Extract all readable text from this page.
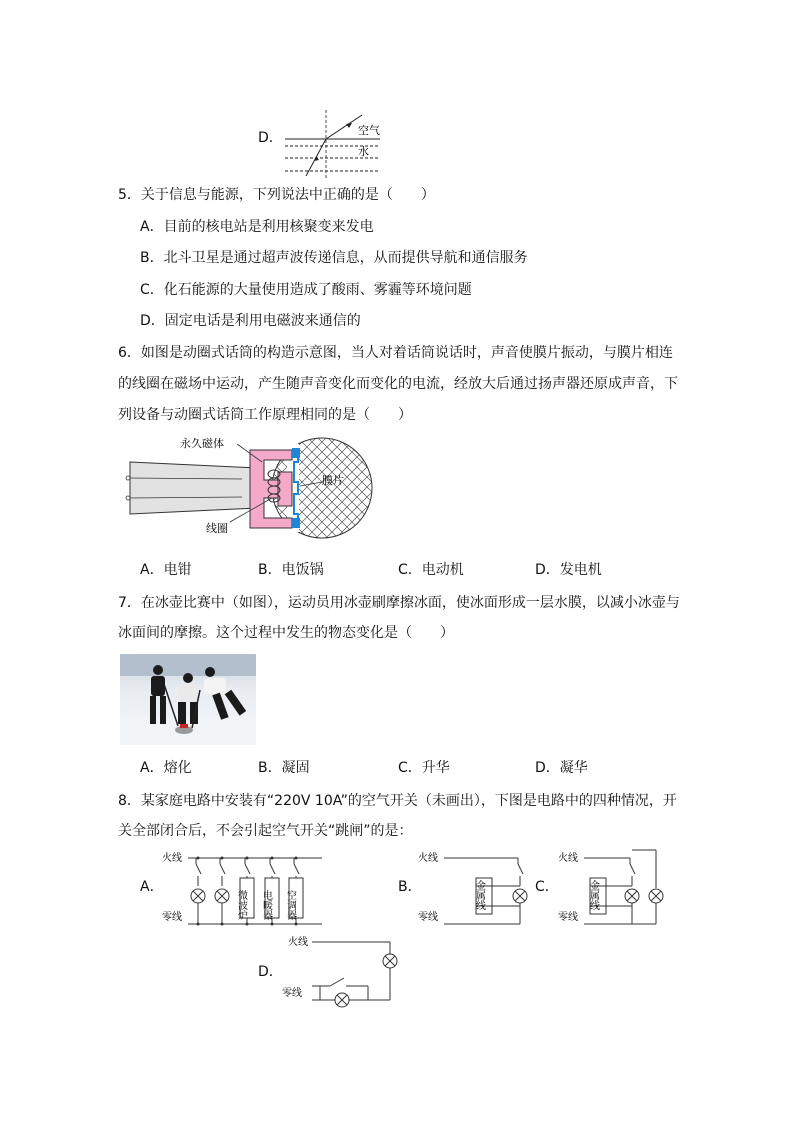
D．	空气
水
5．关于信息与能源，下列说法中正确的是（　　）
A．目前的核电站是利用核聚变来发电
B．北斗卫星是通过超声波传递信息，从而提供导航和通信服务
C．化石能源的大量使用造成了酸雨、雾霾等环境问题
D．固定电话是利用电磁波来通信的
6．如图是动圈式话筒的构造示意图，当人对着话筒说话时，声音使膜片振动，与膜片相连
的线圈在磁场中运动，产生随声音变化而变化的电流，经放大后通过扬声器还原成声音，下
列设备与动圈式话筒工作原理相同的是（　　）
永久磁体
膜片
线圈
A．电钳	B．电饭锅	C．电动机	D．发电机
7．在冰壶比赛中（如图），运动员用冰壶刷摩擦冰面，使冰面形成一层水膜，以减小冰壶与
冰面间的摩擦。这个过程中发生的物态变化是（　　）
A．熔化	B．凝固	C．升华	D．凝华
8．某家庭电路中安装有“220V 10A”的空气开关（未画出），下图是电路中的四种情况，开
关全部闭合后，不会引起空气开关“跳闸”的是：
A．
火线
零线	微波炉 电暖器 空调器
B．
火线
零线
金属线	C．
火线
零线
金属线
D．
火线
零线
